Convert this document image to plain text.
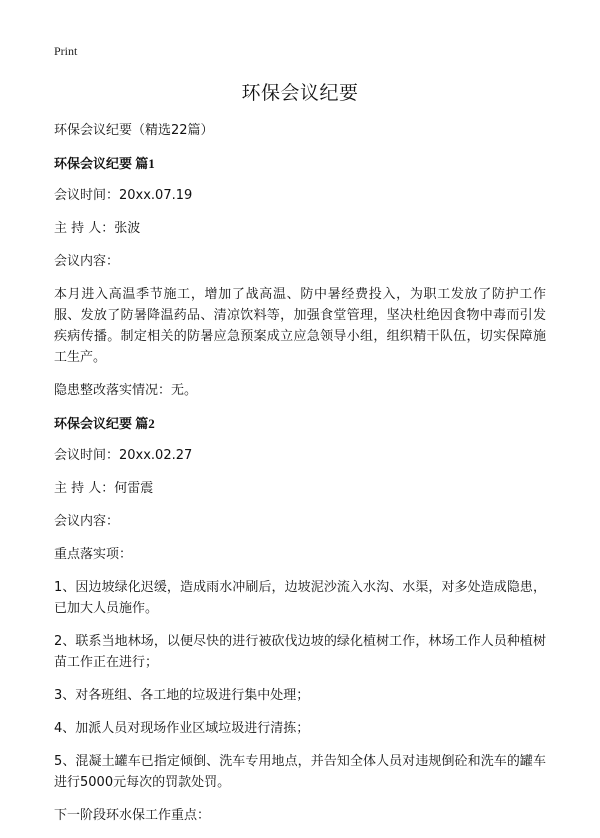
Print
环保会议纪要

环保会议纪要（精选22篇）

环保会议纪要 篇1

会议时间：20xx.07.19

主 持 人：张波

会议内容：

本月进入高温季节施工，增加了战高温、防中暑经费投入，为职工发放了防护工作服、发放了防暑降温药品、清凉饮料等，加强食堂管理，坚决杜绝因食物中毒而引发疾病传播。制定相关的防暑应急预案成立应急领导小组，组织精干队伍，切实保障施工生产。

隐患整改落实情况：无。

环保会议纪要 篇2

会议时间：20xx.02.27

主 持 人：何雷震

会议内容：

重点落实项：

1、因边坡绿化迟缓，造成雨水冲刷后，边坡泥沙流入水沟、水渠，对多处造成隐患，已加大人员施作。

2、联系当地林场，以便尽快的进行被砍伐边坡的绿化植树工作，林场工作人员种植树苗工作正在进行；

3、对各班组、各工地的垃圾进行集中处理；

4、加派人员对现场作业区域垃圾进行清拣；

5、混凝土罐车已指定倾倒、洗车专用地点，并告知全体人员对违规倒砼和洗车的罐车进行5000元每次的罚款处罚。

下一阶段环水保工作重点：
